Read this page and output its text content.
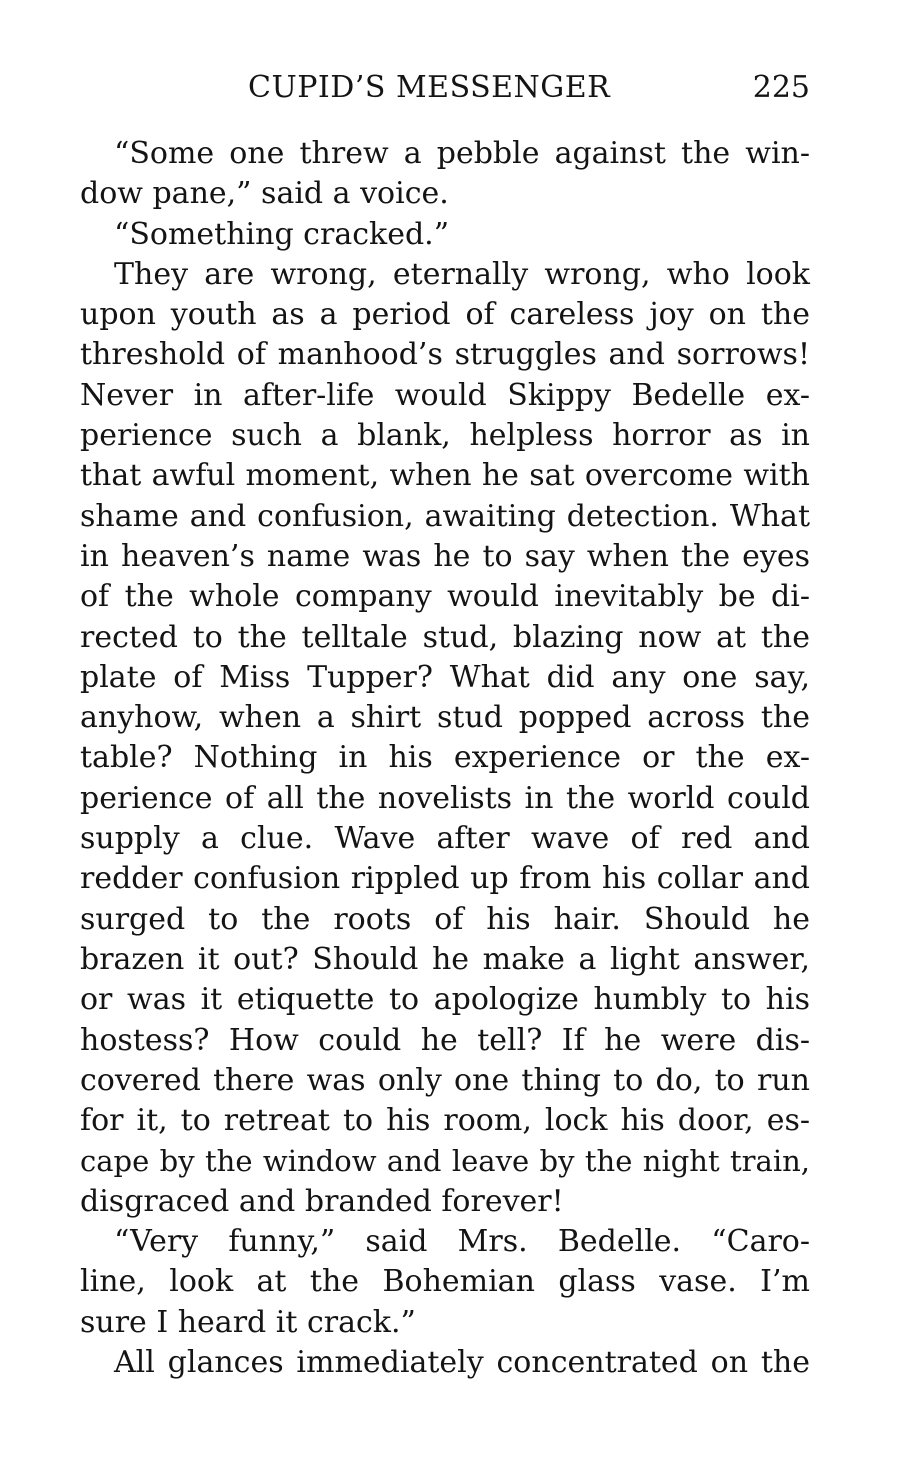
CUPID’S MESSENGER	225
“Some one threw a pebble against the win-
dow pane,” said a voice.
“Something cracked.”
They are wrong, eternally wrong, who look
upon youth as a period of careless joy on the
threshold of manhood’s struggles and sorrows!
Never in after-life would Skippy Bedelle ex-
perience such a blank, helpless horror as in
that awful moment, when he sat overcome with
shame and confusion, awaiting detection. What
in heaven’s name was he to say when the eyes
of the whole company would inevitably be di-
rected to the telltale stud, blazing now at the
plate of Miss Tupper? What did any one say,
anyhow, when a shirt stud popped across the
table? Nothing in his experience or the ex-
perience of all the novelists in the world could
supply a clue. Wave after wave of red and
redder confusion rippled up from his collar and
surged to the roots of his hair. Should he
brazen it out? Should he make a light answer,
or was it etiquette to apologize humbly to his
hostess? How could he tell? If he were dis-
covered there was only one thing to do, to run
for it, to retreat to his room, lock his door, es-
cape by the window and leave by the night train,
disgraced and branded forever!
“Very funny,” said Mrs. Bedelle. “Caro-
line, look at the Bohemian glass vase. I’m
sure I heard it crack.”
All glances immediately concentrated on the
